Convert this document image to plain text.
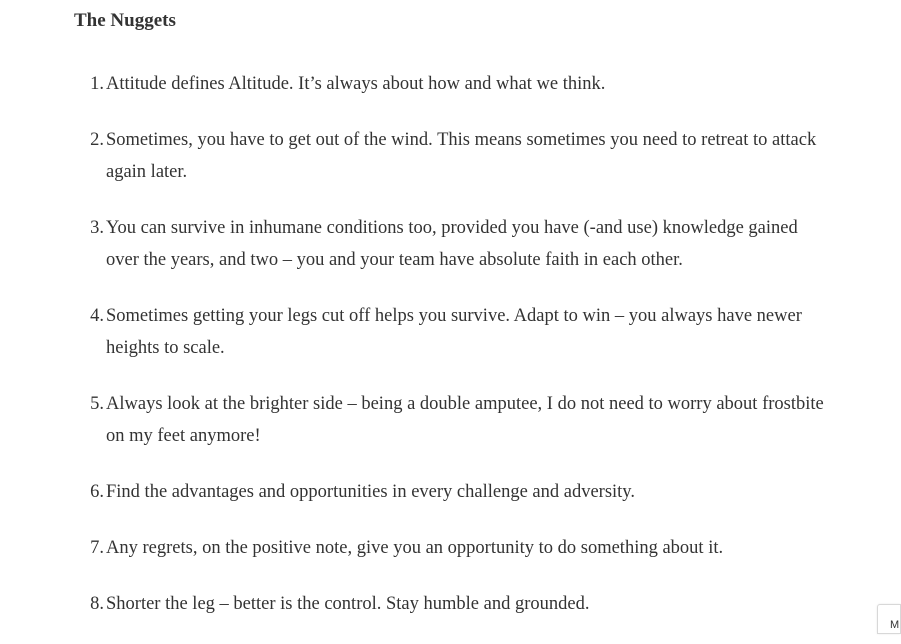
The Nuggets
1. Attitude defines Altitude. It’s always about how and what we think.
2. Sometimes, you have to get out of the wind. This means sometimes you need to retreat to attack again later.
3. You can survive in inhumane conditions too, provided you have (-and use) knowledge gained over the years, and two – you and your team have absolute faith in each other.
4. Sometimes getting your legs cut off helps you survive. Adapt to win – you always have newer heights to scale.
5. Always look at the brighter side – being a double amputee, I do not need to worry about frostbite on my feet anymore!
6. Find the advantages and opportunities in every challenge and adversity.
7. Any regrets, on the positive note, give you an opportunity to do something about it.
8. Shorter the leg – better is the control. Stay humble and grounded.
M
